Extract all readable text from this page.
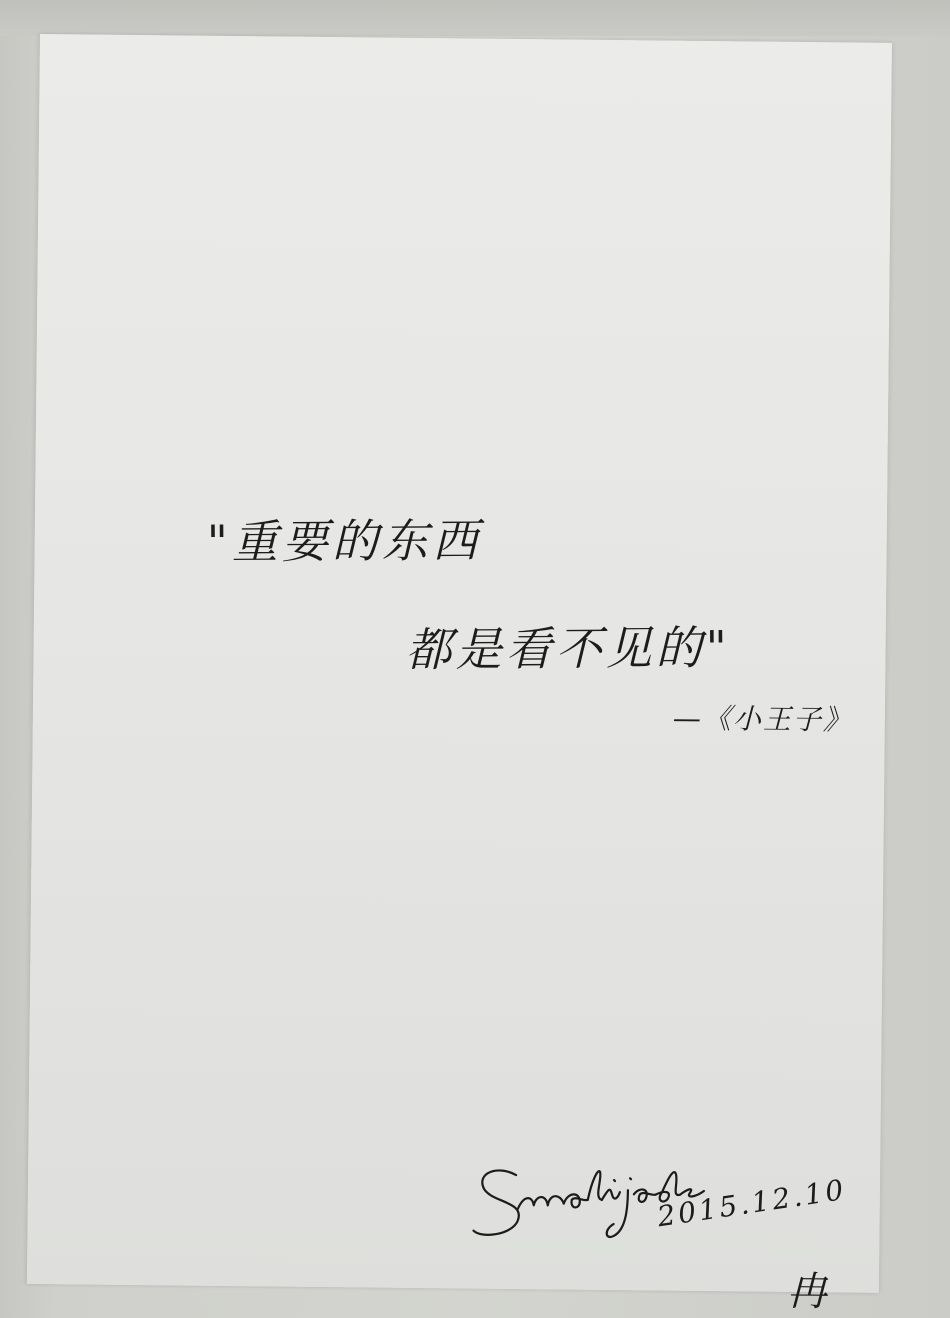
"重要的东西
都是看不见的"
—《小王子》
2015.12.10
冉
